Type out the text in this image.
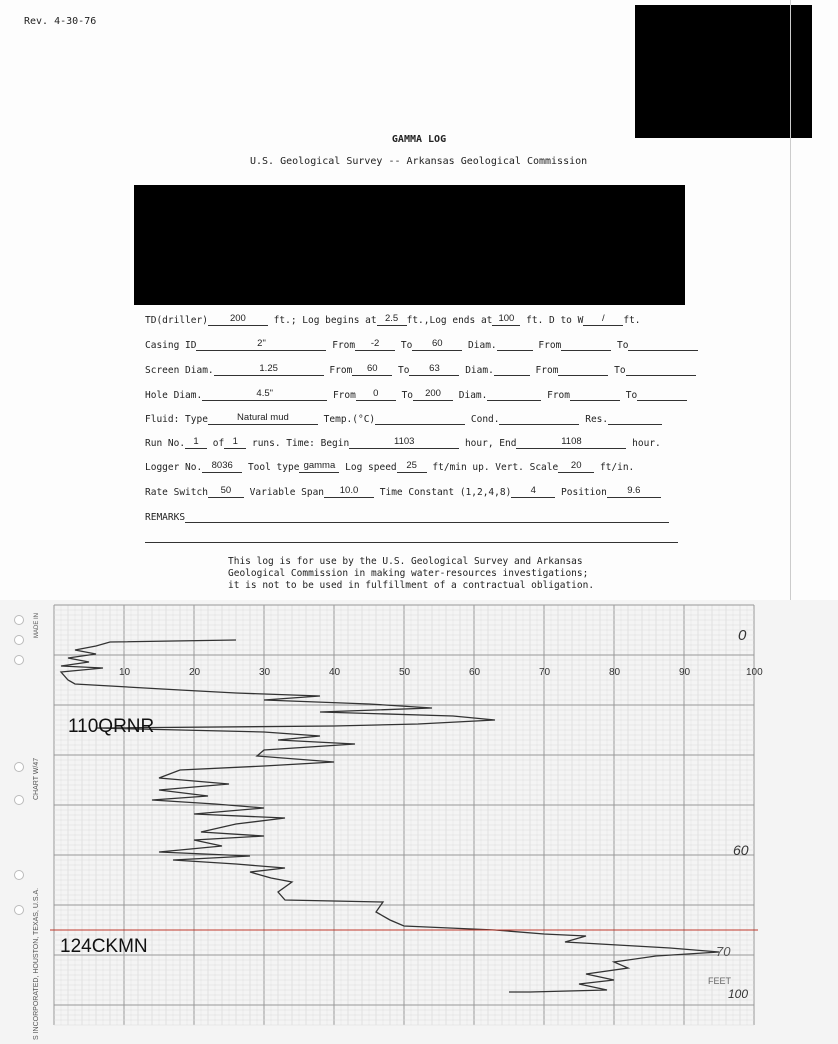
Rev. 4-30-76
GAMMA LOG
U.S. Geological Survey -- Arkansas Geological Commission
TD(driller) 200	ft.; Log begins at 2.5 ft.,Log ends at 100 ft. D to W / ft.
Casing ID	2"	From -2 To 60	Diam.	From	To
Screen Diam.	1.25	From 60 To 63	Diam.	From	To
Hole Diam.	4.5"	From 0 To 200 Diam.	From	To
Fluid: Type	Natural mud	Temp.(°C)	Cond.	Res.
Run No. 1 of 1 runs. Time: Begin	1103	hour, End	1108	hour.
Logger No. 8036 Tool type gamma Log speed 25 ft/min up. Vert. Scale 20 ft/in.
Rate Switch 50 Variable Span 10.0 Time Constant (1,2,4,8) 4	Position 9.6
REMARKS
This log is for use by the U.S. Geological Survey and Arkansas
Geological Commission in making water-resources investigations;
it is not to be used in fulfillment of a contractual obligation.
10	20	30	40	50	60	70	80	90	100
0
60
70
FEET
100
MADE IN
CHART W/47
S INCORPORATED, HOUSTON, TEXAS, U.S.A.
110QRNR
124CKMN
